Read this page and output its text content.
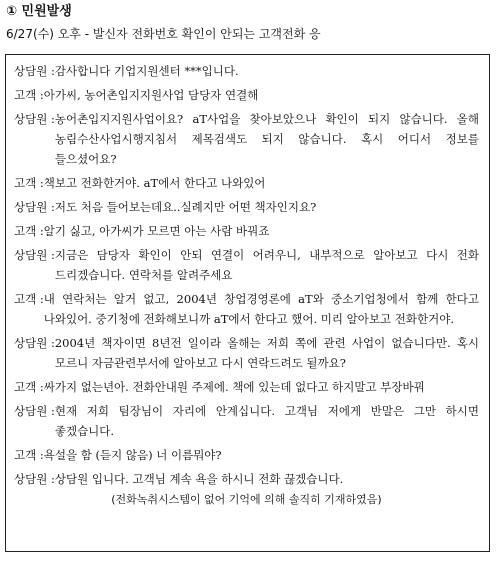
① 민원발생
6/27(수) 오후 - 발신자 전화번호 확인이 안되는 고객전화 응
상담원 : 감사합니다 기업지원센터 ***입니다.
고객 : 아가씨, 농어촌입지지원사업 담당자 연결해
상담원 : 농어촌입지지원사업이요? aT사업을 찾아보았으나 확인이 되지 않습니다. 올해 농림수산사업시행지침서 제목검색도 되지 않습니다. 혹시 어디서 정보를 들으셨어요?
고객 : 책보고 전화한거야. aT에서 한다고 나와있어
상담원 : 저도 처음 들어보는데요..실례지만 어떤 책자인지요?
고객 : 알기 싫고, 아가씨가 모르면 아는 사람 바꿔죠
상담원 : 지금은 담당자 확인이 안되 연결이 어려우니, 내부적으로 알아보고 다시 전화 드리겠습니다. 연락처를 알려주세요
고객 : 내 연락처는 알거 없고, 2004년 창업경영론에 aT와 중소기업청에서 함께 한다고 나와있어. 중기청에 전화해보니까 aT에서 한다고 했어. 미리 알아보고 전화한거야.
상담원 : 2004년 책자이면 8년전 일이라 올해는 저희 쪽에 관련 사업이 없습니다만. 혹시 모르니 자금관련부서에 알아보고 다시 연락드려도 될까요?
고객 : 싸가지 없는년아. 전화안내원 주제에. 책에 있는데 없다고 하지말고 부장바꿔
상담원 : 현재 저희 팀장님이 자리에 안계십니다. 고객님 저에게 반말은 그만 하시면 좋겠습니다.
고객 : 욕설을 함 (듣지 않음) 너 이름뭐야?
상담원 : 상담원 입니다. 고객님 계속 욕을 하시니 전화 끊겠습니다.
(전화녹취시스템이 없어 기억에 의해 솔직히 기재하였음)
